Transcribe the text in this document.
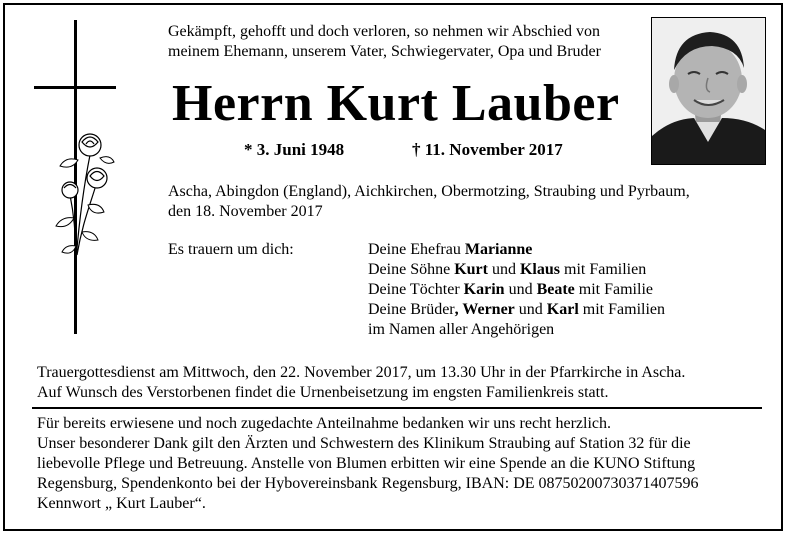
Gekämpft, gehofft und doch verloren, so nehmen wir Abschied von
meinem Ehemann, unserem Vater, Schwiegervater, Opa und Bruder
Herrn Kurt Lauber
* 3. Juni 1948	† 11. November 2017
Ascha, Abingdon (England), Aichkirchen, Obermotzing, Straubing und Pyrbaum,
den 18. November 2017
Es trauern um dich:	Deine Ehefrau Marianne
Deine Söhne Kurt und Klaus mit Familien
Deine Töchter Karin und Beate mit Familie
Deine Brüder, Werner und Karl mit Familien
im Namen aller Angehörigen
Trauergottesdienst am Mittwoch, den 22. November 2017, um 13.30 Uhr in der Pfarrkirche in Ascha.
Auf Wunsch des Verstorbenen findet die Urnenbeisetzung im engsten Familienkreis statt.
Für bereits erwiesene und noch zugedachte Anteilnahme bedanken wir uns recht herzlich.
Unser besonderer Dank gilt den Ärzten und Schwestern des Klinikum Straubing auf Station 32 für die
liebevolle Pflege und Betreuung. Anstelle von Blumen erbitten wir eine Spende an die KUNO Stiftung
Regensburg, Spendenkonto bei der Hybovereinsbank Regensburg, IBAN: DE 08750200730371407596
Kennwort „ Kurt Lauber“.
